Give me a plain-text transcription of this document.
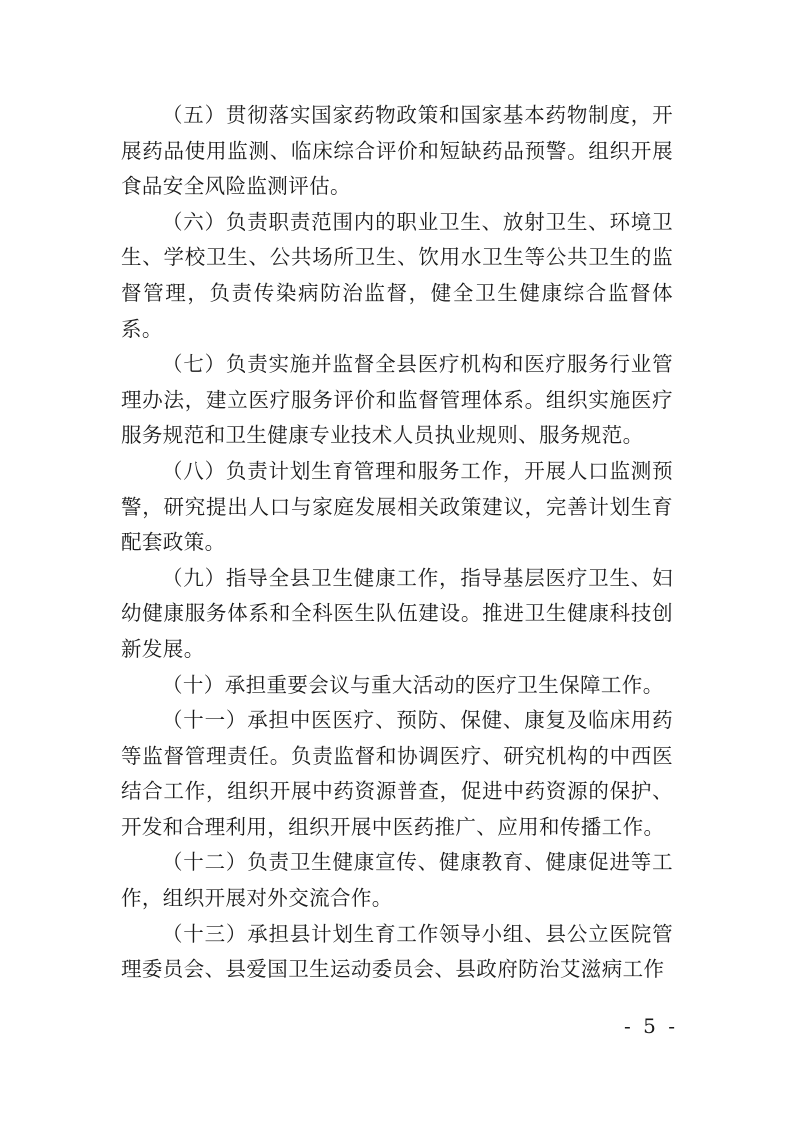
（五）贯彻落实国家药物政策和国家基本药物制度，开展药品使用监测、临床综合评价和短缺药品预警。组织开展食品安全风险监测评估。

（六）负责职责范围内的职业卫生、放射卫生、环境卫生、学校卫生、公共场所卫生、饮用水卫生等公共卫生的监督管理，负责传染病防治监督，健全卫生健康综合监督体系。

（七）负责实施并监督全县医疗机构和医疗服务行业管理办法，建立医疗服务评价和监督管理体系。组织实施医疗服务规范和卫生健康专业技术人员执业规则、服务规范。

（八）负责计划生育管理和服务工作，开展人口监测预警，研究提出人口与家庭发展相关政策建议，完善计划生育配套政策。

（九）指导全县卫生健康工作，指导基层医疗卫生、妇幼健康服务体系和全科医生队伍建设。推进卫生健康科技创新发展。

（十）承担重要会议与重大活动的医疗卫生保障工作。

（十一）承担中医医疗、预防、保健、康复及临床用药等监督管理责任。负责监督和协调医疗、研究机构的中西医结合工作，组织开展中药资源普查，促进中药资源的保护、开发和合理利用，组织开展中医药推广、应用和传播工作。

（十二）负责卫生健康宣传、健康教育、健康促进等工作，组织开展对外交流合作。

（十三）承担县计划生育工作领导小组、县公立医院管理委员会、县爱国卫生运动委员会、县政府防治艾滋病工作

- 5 -
